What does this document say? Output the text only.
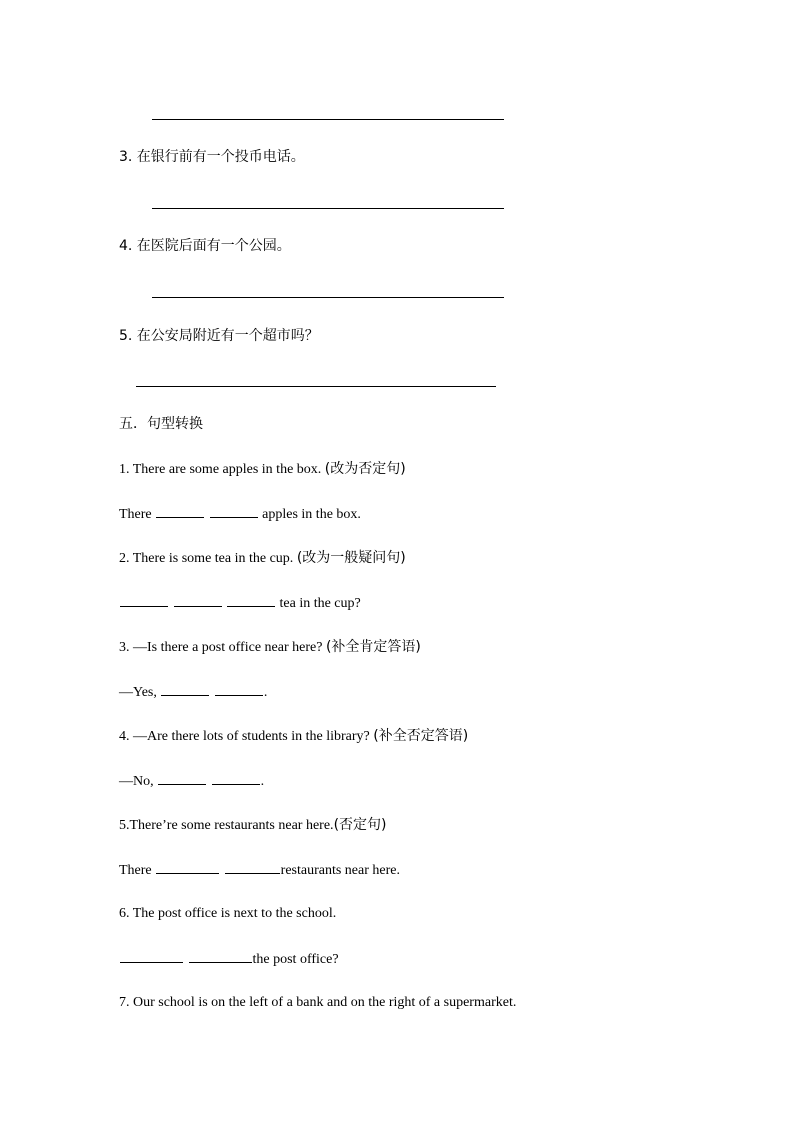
3. 在银行前有一个投币电话。
4. 在医院后面有一个公园。
5. 在公安局附近有一个超市吗？
五．句型转换
1. There are some apples in the box. (改为否定句)
There	apples in the box.
2. There is some tea in the cup. (改为一般疑问句)
tea in the cup?
3. —Is there a post office near here? (补全肯定答语)
—Yes,	.
4. —Are there lots of students in the library? (补全否定答语)
—No,	.
5.There’re some restaurants near here.(否定句)
There	restaurants near here.
6. The post office is next to the school.
the post office?
7. Our school is on the left of a bank and on the right of a supermarket.
